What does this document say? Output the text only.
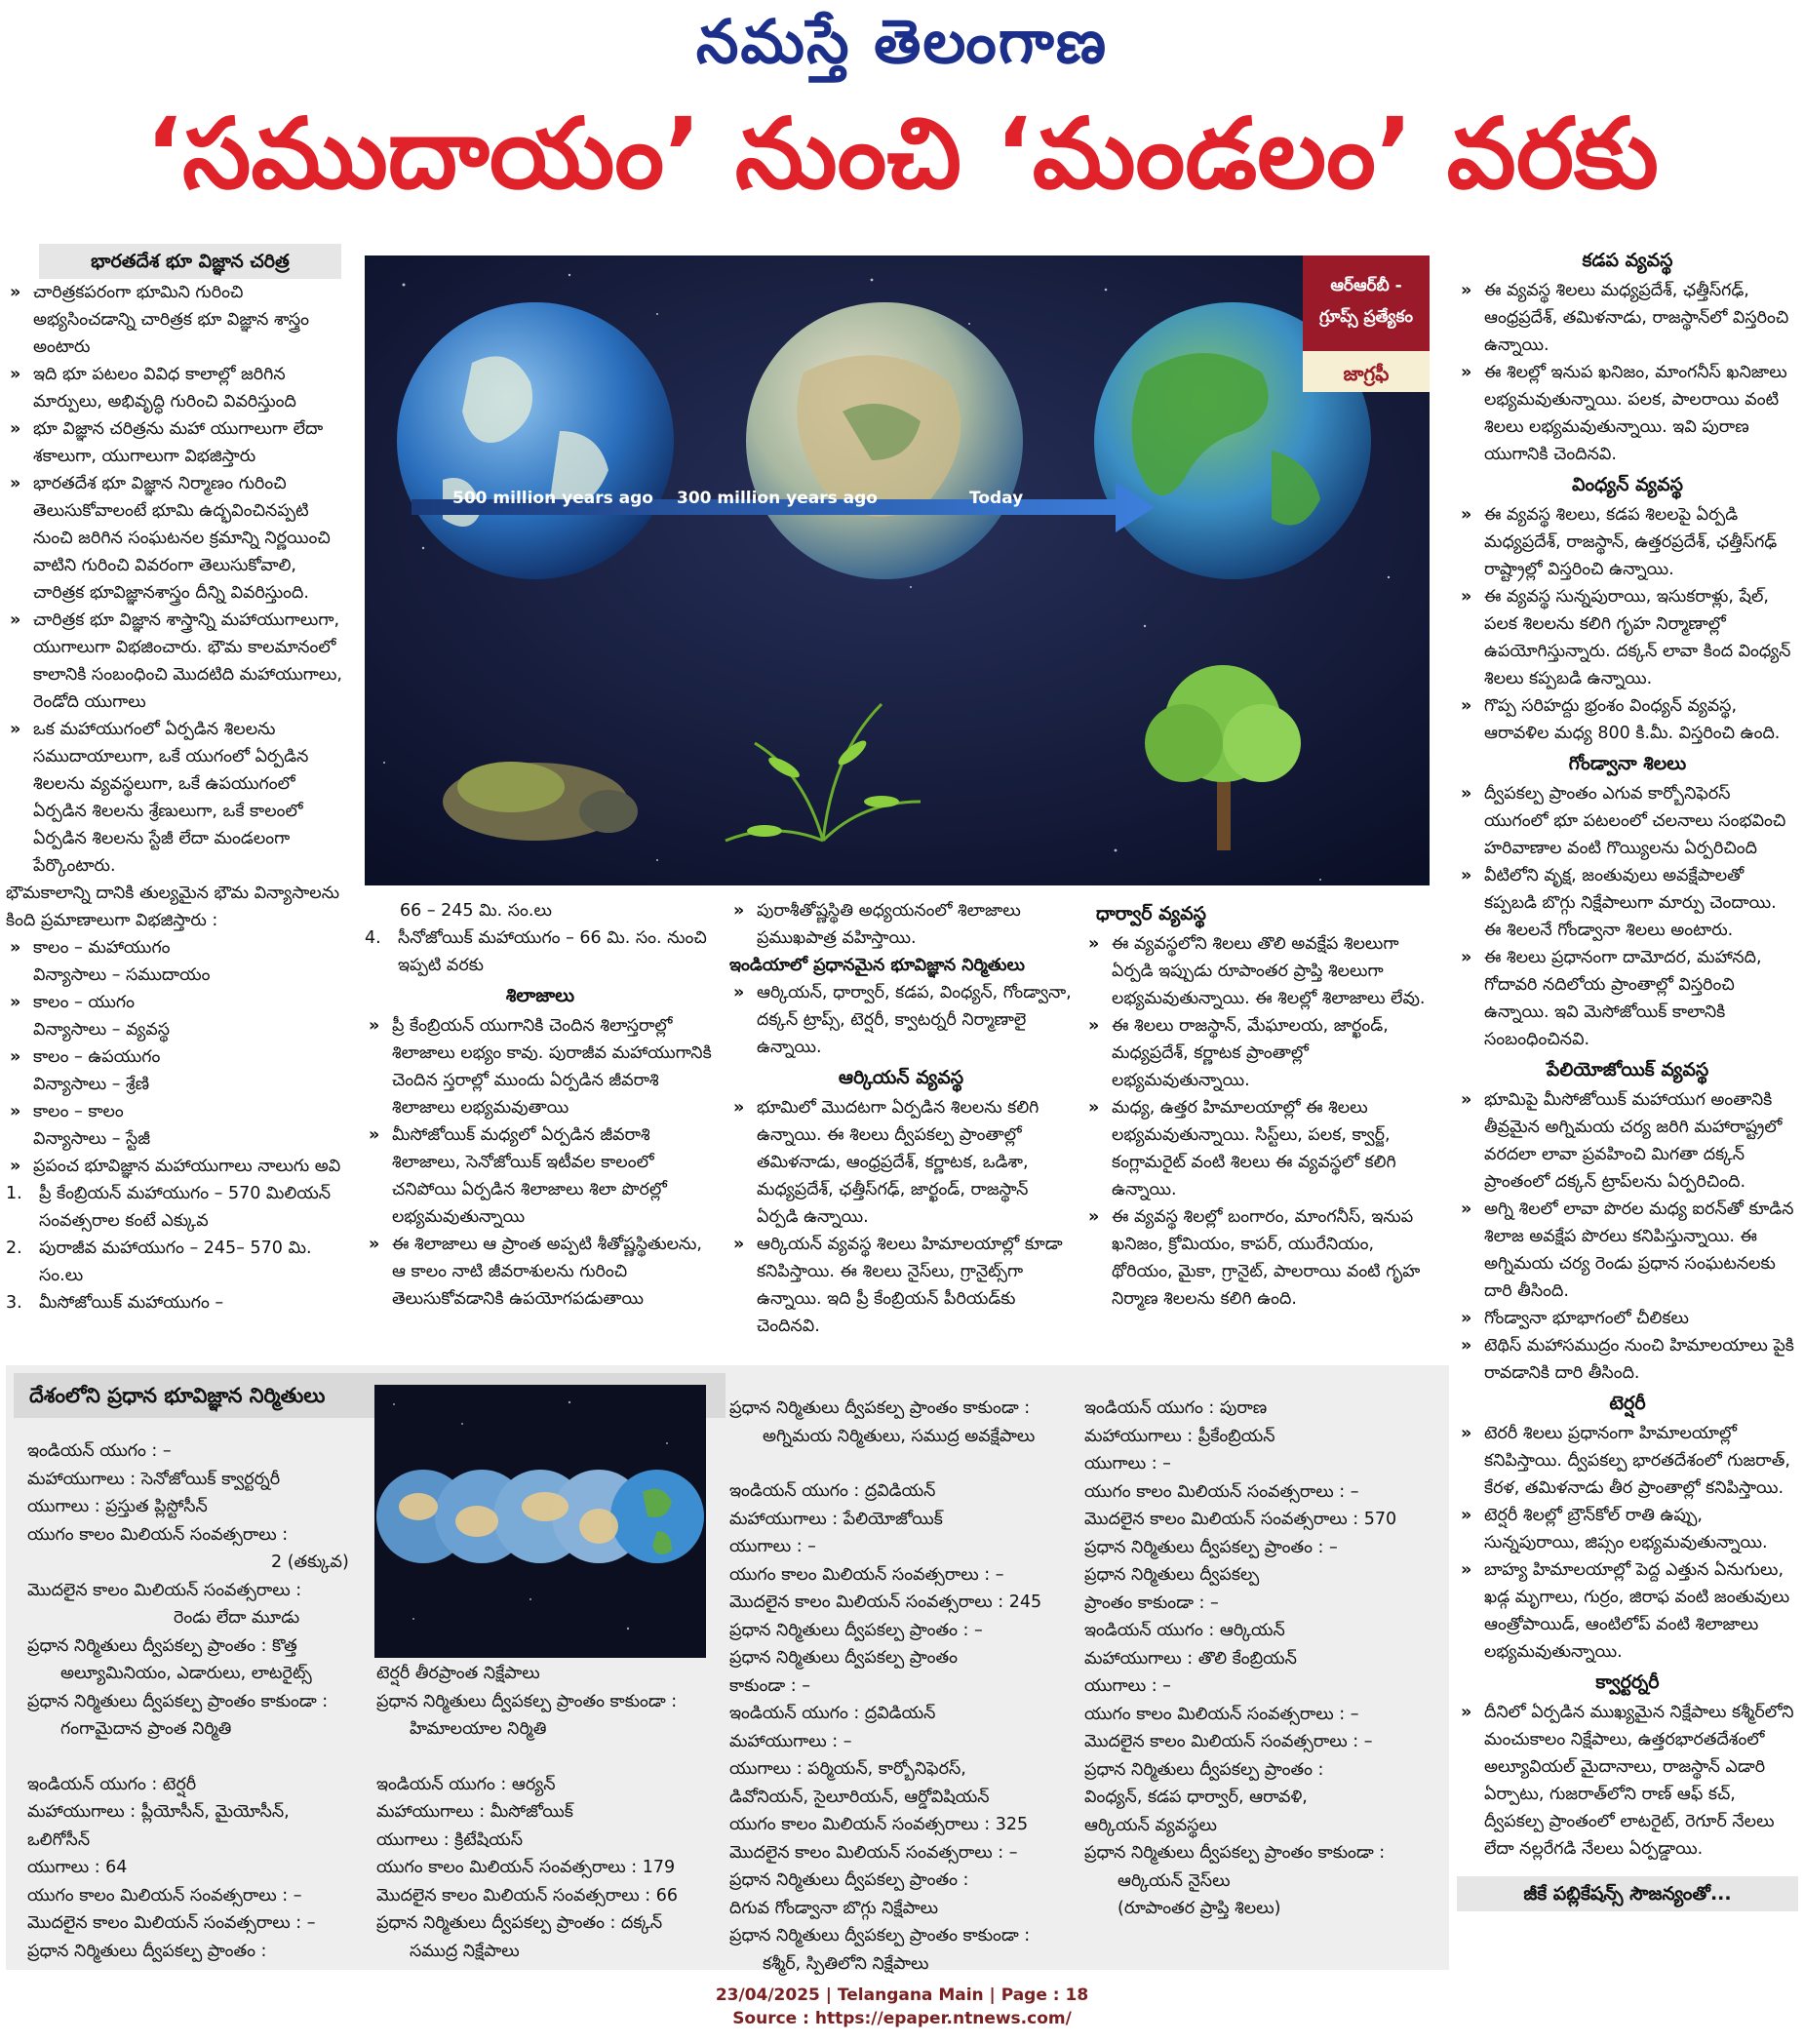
నమస్తే తెలంగాణ
‘సముదాయం’ నుంచి ‘మండలం’ వరకు
500 million years ago 300 million years ago	Today
ఆర్‌ఆర్‌బీ -
గ్రూప్స్ ప్రత్యేకం
జాగ్రఫీ
భారతదేశ భూ విజ్ఞాన చరిత్ర
» చారిత్రకపరంగా భూమిని గురించి అభ్యసించడాన్ని చారిత్రక భూ విజ్ఞాన శాస్త్రం అంటారు
» ఇది భూ పటలం వివిధ కాలాల్లో జరిగిన మార్పులు, అభివృద్ధి గురించి వివరిస్తుంది
» భూ విజ్ఞాన చరిత్రను మహా యుగాలుగా లేదా శకాలుగా, యుగాలుగా విభజిస్తారు
» భారతదేశ భూ విజ్ఞాన నిర్మాణం గురించి తెలుసుకోవాలంటే భూమి ఉద్భవించినప్పటి నుంచి జరిగిన సంఘటనల క్రమాన్ని నిర్ణయించి వాటిని గురించి వివరంగా తెలుసుకోవాలి, చారిత్రక భూవిజ్ఞానశాస్త్రం దీన్ని వివరిస్తుంది.
» చారిత్రక భూ విజ్ఞాన శాస్త్రాన్ని మహాయుగాలుగా, యుగాలుగా విభజించారు. భౌమ కాలమానంలో కాలానికి సంబంధించి మొదటిది మహాయుగాలు, రెండోది యుగాలు
» ఒక మహాయుగంలో ఏర్పడిన శిలలను సముదాయాలుగా, ఒకే యుగంలో ఏర్పడిన శిలలను వ్యవస్థలుగా, ఒకే ఉపయుగంలో ఏర్పడిన శిలలను శ్రేణులుగా, ఒకే కాలంలో ఏర్పడిన శిలలను స్టేజీ లేదా మండలంగా పేర్కొంటారు.
భౌమకాలాన్ని దానికి తుల్యమైన భౌమ విన్యాసాలను కింది ప్రమాణాలుగా విభజిస్తారు :
» కాలం – మహాయుగం
విన్యాసాలు – సముదాయం
» కాలం – యుగం
విన్యాసాలు – వ్యవస్థ
» కాలం – ఉపయుగం
విన్యాసాలు – శ్రేణి
» కాలం – కాలం
విన్యాసాలు – స్టేజీ
» ప్రపంచ భూవిజ్ఞాన మహాయుగాలు నాలుగు అవి
1. ప్రీ కేంబ్రియన్ మహాయుగం – 570 మిలియన్ సంవత్సరాల కంటే ఎక్కువ
2. పురాజీవ మహాయుగం – 245– 570 మి. సం.లు
3. మీసోజోయిక్ మహాయుగం –
66 – 245 మి. సం.లు
4. సీనోజోయిక్ మహాయుగం – 66 మి. సం. నుంచి ఇప్పటి వరకు
శిలాజాలు
» ప్రీ కేంబ్రియన్ యుగానికి చెందిన శిలాస్తరాల్లో శిలాజాలు లభ్యం కావు. పురాజీవ మహాయుగానికి చెందిన స్తరాల్లో ముందు ఏర్పడిన జీవరాశి శిలాజాలు లభ్యమవుతాయి
» మీసోజోయిక్ మధ్యలో ఏర్పడిన జీవరాశి శిలాజాలు, సెనోజోయిక్ ఇటీవల కాలంలో చనిపోయి ఏర్పడిన శిలాజాలు శిలా పొరల్లో లభ్యమవుతున్నాయి
» ఈ శిలాజాలు ఆ ప్రాంత అప్పటి శీతోష్ణస్థితులను, ఆ కాలం నాటి జీవరాశులను గురించి తెలుసుకోవడానికి ఉపయోగపడుతాయి
» పురాశీతోష్ణస్థితి అధ్యయనంలో శిలాజాలు ప్రముఖపాత్ర వహిస్తాయి.
ఇండియాలో ప్రధానమైన భూవిజ్ఞాన నిర్మితులు
» ఆర్కియన్, ధార్వార్, కడప, వింధ్యన్, గోండ్వానా, దక్కన్ ట్రాప్స్, టెర్షరీ, క్వాటర్నరీ నిర్మాణాలై ఉన్నాయి.
ఆర్కియన్ వ్యవస్థ
» భూమిలో మొదటగా ఏర్పడిన శిలలను కలిగి ఉన్నాయి. ఈ శిలలు ద్వీపకల్ప ప్రాంతాల్లో తమిళనాడు, ఆంధ్రప్రదేశ్, కర్ణాటక, ఒడిశా, మధ్యప్రదేశ్, ఛత్తీస్‌గఢ్, జార్ఖండ్, రాజస్థాన్ ఏర్పడి ఉన్నాయి.
» ఆర్కియన్ వ్యవస్థ శిలలు హిమాలయాల్లో కూడా కనిపిస్తాయి. ఈ శిలలు నైస్‌లు, గ్రానైట్స్‌గా ఉన్నాయి. ఇది ప్రీ కేంబ్రియన్ పీరియడ్‌కు చెందినవి.
ధార్వార్ వ్యవస్థ
» ఈ వ్యవస్థలోని శిలలు తొలి అవక్షేప శిలలుగా ఏర్పడి ఇప్పుడు రూపాంతర ప్రాప్తి శిలలుగా లభ్యమవుతున్నాయి. ఈ శిలల్లో శిలాజాలు లేవు.
» ఈ శిలలు రాజస్థాన్, మేఘాలయ, జార్ఖండ్, మధ్యప్రదేశ్, కర్ణాటక ప్రాంతాల్లో లభ్యమవుతున్నాయి.
» మధ్య, ఉత్తర హిమాలయాల్లో ఈ శిలలు లభ్యమవుతున్నాయి. సిస్ట్‌లు, పలక, క్వార్జ్, కంగ్లామరైట్ వంటి శిలలు ఈ వ్యవస్థలో కలిగి ఉన్నాయి.
» ఈ వ్యవస్థ శిలల్లో బంగారం, మాంగనీస్, ఇనుప ఖనిజం, క్రోమియం, కాపర్, యురేనియం, థోరియం, మైకా, గ్రానైట్, పాలరాయి వంటి గృహ నిర్మాణ శిలలను కలిగి ఉంది.
కడప వ్యవస్థ
» ఈ వ్యవస్థ శిలలు మధ్యప్రదేశ్, ఛత్తీస్‌గఢ్, ఆంధ్రప్రదేశ్, తమిళనాడు, రాజస్థాన్‌లో విస్తరించి ఉన్నాయి.
» ఈ శిలల్లో ఇనుప ఖనిజం, మాంగనీస్ ఖనిజాలు లభ్యమవుతున్నాయి. పలక, పాలరాయి వంటి శిలలు లభ్యమవుతున్నాయి. ఇవి పురాణ యుగానికి చెందినవి.
వింధ్యన్ వ్యవస్థ
» ఈ వ్యవస్థ శిలలు, కడప శిలలపై ఏర్పడి మధ్యప్రదేశ్, రాజస్థాన్, ఉత్తరప్రదేశ్, ఛత్తీస్‌గఢ్ రాష్ట్రాల్లో విస్తరించి ఉన్నాయి.
» ఈ వ్యవస్థ సున్నపురాయి, ఇసుకరాళ్లు, షేల్, పలక శిలలను కలిగి గృహ నిర్మాణాల్లో ఉపయోగిస్తున్నారు. దక్కన్ లావా కింద వింధ్యన్ శిలలు కప్పబడి ఉన్నాయి.
» గొప్ప సరిహద్దు భ్రంశం వింధ్యన్ వ్యవస్థ, ఆరావళిల మధ్య 800 కి.మీ. విస్తరించి ఉంది.
గోండ్వానా శిలలు
» ద్వీపకల్ప ప్రాంతం ఎగువ కార్బోనిఫెరస్ యుగంలో భూ పటలంలో చలనాలు సంభవించి హరివాణాల వంటి గొయ్యిలను ఏర్పరిచింది
» వీటిలోని వృక్ష, జంతువులు అవక్షేపాలతో కప్పబడి బొగ్గు నిక్షేపాలుగా మార్పు చెందాయి. ఈ శిలలనే గోండ్వానా శిలలు అంటారు.
» ఈ శిలలు ప్రధానంగా దామోదర, మహానది, గోదావరి నదిలోయ ప్రాంతాల్లో విస్తరించి ఉన్నాయి. ఇవి మెసోజోయిక్ కాలానికి సంబంధించినవి.
పేలియోజోయిక్ వ్యవస్థ
» భూమిపై మీసోజోయిక్ మహాయుగ అంతానికి తీవ్రమైన అగ్నిమయ చర్య జరిగి మహారాష్ట్రలో వరదలా లావా ప్రవహించి మిగతా దక్కన్ ప్రాంతంలో దక్కన్ ట్రాప్‌లను ఏర్పరిచింది.
» అగ్ని శిలలో లావా పొరల మధ్య ఐరన్‌తో కూడిన శిలాజ అవక్షేప పొరలు కనిపిస్తున్నాయి. ఈ అగ్నిమయ చర్య రెండు ప్రధాన సంఘటనలకు దారి తీసింది.
» గోండ్వానా భూభాగంలో చీలికలు
» టెథిస్ మహాసముద్రం నుంచి హిమాలయాలు పైకి రావడానికి దారి తీసింది.
టెర్షరీ
» టెరరీ శిలలు ప్రధానంగా హిమాలయాల్లో కనిపిస్తాయి. ద్వీపకల్ప భారతదేశంలో గుజరాత్, కేరళ, తమిళనాడు తీర ప్రాంతాల్లో కనిపిస్తాయి.
» టెర్షరీ శిలల్లో బ్రౌన్‌కోల్ రాతి ఉప్పు, సున్నపురాయి, జిప్సం లభ్యమవుతున్నాయి.
» బాహ్య హిమాలయాల్లో పెద్ద ఎత్తున ఏనుగులు, ఖడ్గ మృగాలు, గుర్రం, జిరాఫ వంటి జంతువులు ఆంత్రోపాయిడ్, ఆంటిలోప్ వంటి శిలాజాలు లభ్యమవుతున్నాయి.
క్వార్టర్నరీ
» దీనిలో ఏర్పడిన ముఖ్యమైన నిక్షేపాలు కశ్మీర్‌లోని మంచుకాలం నిక్షేపాలు, ఉత్తరభారతదేశంలో అల్యూవియల్ మైదానాలు, రాజస్థాన్ ఎడారి ఏర్పాటు, గుజరాత్‌లోని రాణ్ ఆఫ్ కచ్, ద్వీపకల్ప ప్రాంతంలో లాటరైట్, రెగూర్ నేలలు లేదా నల్లరేగడి నేలలు ఏర్పడ్డాయి.
జీకే పబ్లికేషన్స్ సౌజన్యంతో...
దేశంలోని ప్రధాన భూవిజ్ఞాన నిర్మితులు
ఇండియన్ యుగం : –
మహాయుగాలు : సెనోజోయిక్ క్వార్టర్నరీ
యుగాలు : ప్రస్తుత ప్లిస్టోసీన్
యుగం కాలం మిలియన్ సంవత్సరాలు :
2 (తక్కువ)
మొదలైన కాలం మిలియన్ సంవత్సరాలు :
రెండు లేదా మూడు
ప్రధాన నిర్మితులు ద్వీపకల్ప ప్రాంతం : కొత్త
అల్యూమినియం, ఎడారులు, లాటరైట్స్
ప్రధాన నిర్మితులు ద్వీపకల్ప ప్రాంతం కాకుండా :
గంగామైదాన ప్రాంత నిర్మితి
ఇండియన్ యుగం : టెర్షరీ
మహాయుగాలు : ప్లీయోసీన్, మైయోసీన్,
ఒలిగోసీన్
యుగాలు : 64
యుగం కాలం మిలియన్ సంవత్సరాలు : –
మొదలైన కాలం మిలియన్ సంవత్సరాలు : –
ప్రధాన నిర్మితులు ద్వీపకల్ప ప్రాంతం :
టెర్షరీ తీరప్రాంత నిక్షేపాలు
ప్రధాన నిర్మితులు ద్వీపకల్ప ప్రాంతం కాకుండా :
హిమాలయాల నిర్మితి
ఇండియన్ యుగం : ఆర్యన్
మహాయుగాలు : మీసోజోయిక్
యుగాలు : క్రిటేషియస్
యుగం కాలం మిలియన్ సంవత్సరాలు : 179
మొదలైన కాలం మిలియన్ సంవత్సరాలు : 66
ప్రధాన నిర్మితులు ద్వీపకల్ప ప్రాంతం : దక్కన్
సముద్ర నిక్షేపాలు
ప్రధాన నిర్మితులు ద్వీపకల్ప ప్రాంతం కాకుండా :
అగ్నిమయ నిర్మితులు, సముద్ర అవక్షేపాలు
ఇండియన్ యుగం : ద్రవిడియన్
మహాయుగాలు : పేలియోజోయిక్
యుగాలు : –
యుగం కాలం మిలియన్ సంవత్సరాలు : –
మొదలైన కాలం మిలియన్ సంవత్సరాలు : 245
ప్రధాన నిర్మితులు ద్వీపకల్ప ప్రాంతం : –
ప్రధాన నిర్మితులు ద్వీపకల్ప ప్రాంతం
కాకుండా : –
ఇండియన్ యుగం : ద్రవిడియన్
మహాయుగాలు : –
యుగాలు : పర్మియన్, కార్బోనిఫెరస్,
డివోనియన్, సైలూరియన్, ఆర్డోవిషియన్
యుగం కాలం మిలియన్ సంవత్సరాలు : 325
మొదలైన కాలం మిలియన్ సంవత్సరాలు : –
ప్రధాన నిర్మితులు ద్వీపకల్ప ప్రాంతం :
దిగువ గోండ్వానా బొగ్గు నిక్షేపాలు
ప్రధాన నిర్మితులు ద్వీపకల్ప ప్రాంతం కాకుండా :
కశ్మీర్, స్పితిలోని నిక్షేపాలు
ఇండియన్ యుగం : పురాణ
మహాయుగాలు : ప్రీకేంబ్రియన్
యుగాలు : –
యుగం కాలం మిలియన్ సంవత్సరాలు : –
మొదలైన కాలం మిలియన్ సంవత్సరాలు : 570
ప్రధాన నిర్మితులు ద్వీపకల్ప ప్రాంతం : –
ప్రధాన నిర్మితులు ద్వీపకల్ప
ప్రాంతం కాకుండా : –
ఇండియన్ యుగం : ఆర్కియన్
మహాయుగాలు : తొలి కేంబ్రియన్
యుగాలు : –
యుగం కాలం మిలియన్ సంవత్సరాలు : –
మొదలైన కాలం మిలియన్ సంవత్సరాలు : –
ప్రధాన నిర్మితులు ద్వీపకల్ప ప్రాంతం :
వింధ్యన్, కడప ధార్వార్, ఆరావళి,
ఆర్కియన్ వ్యవస్థలు
ప్రధాన నిర్మితులు ద్వీపకల్ప ప్రాంతం కాకుండా :
ఆర్కియన్ నైస్‌లు
(రూపాంతర ప్రాప్తి శిలలు)
23/04/2025 | Telangana Main | Page : 18
Source : https://epaper.ntnews.com/
